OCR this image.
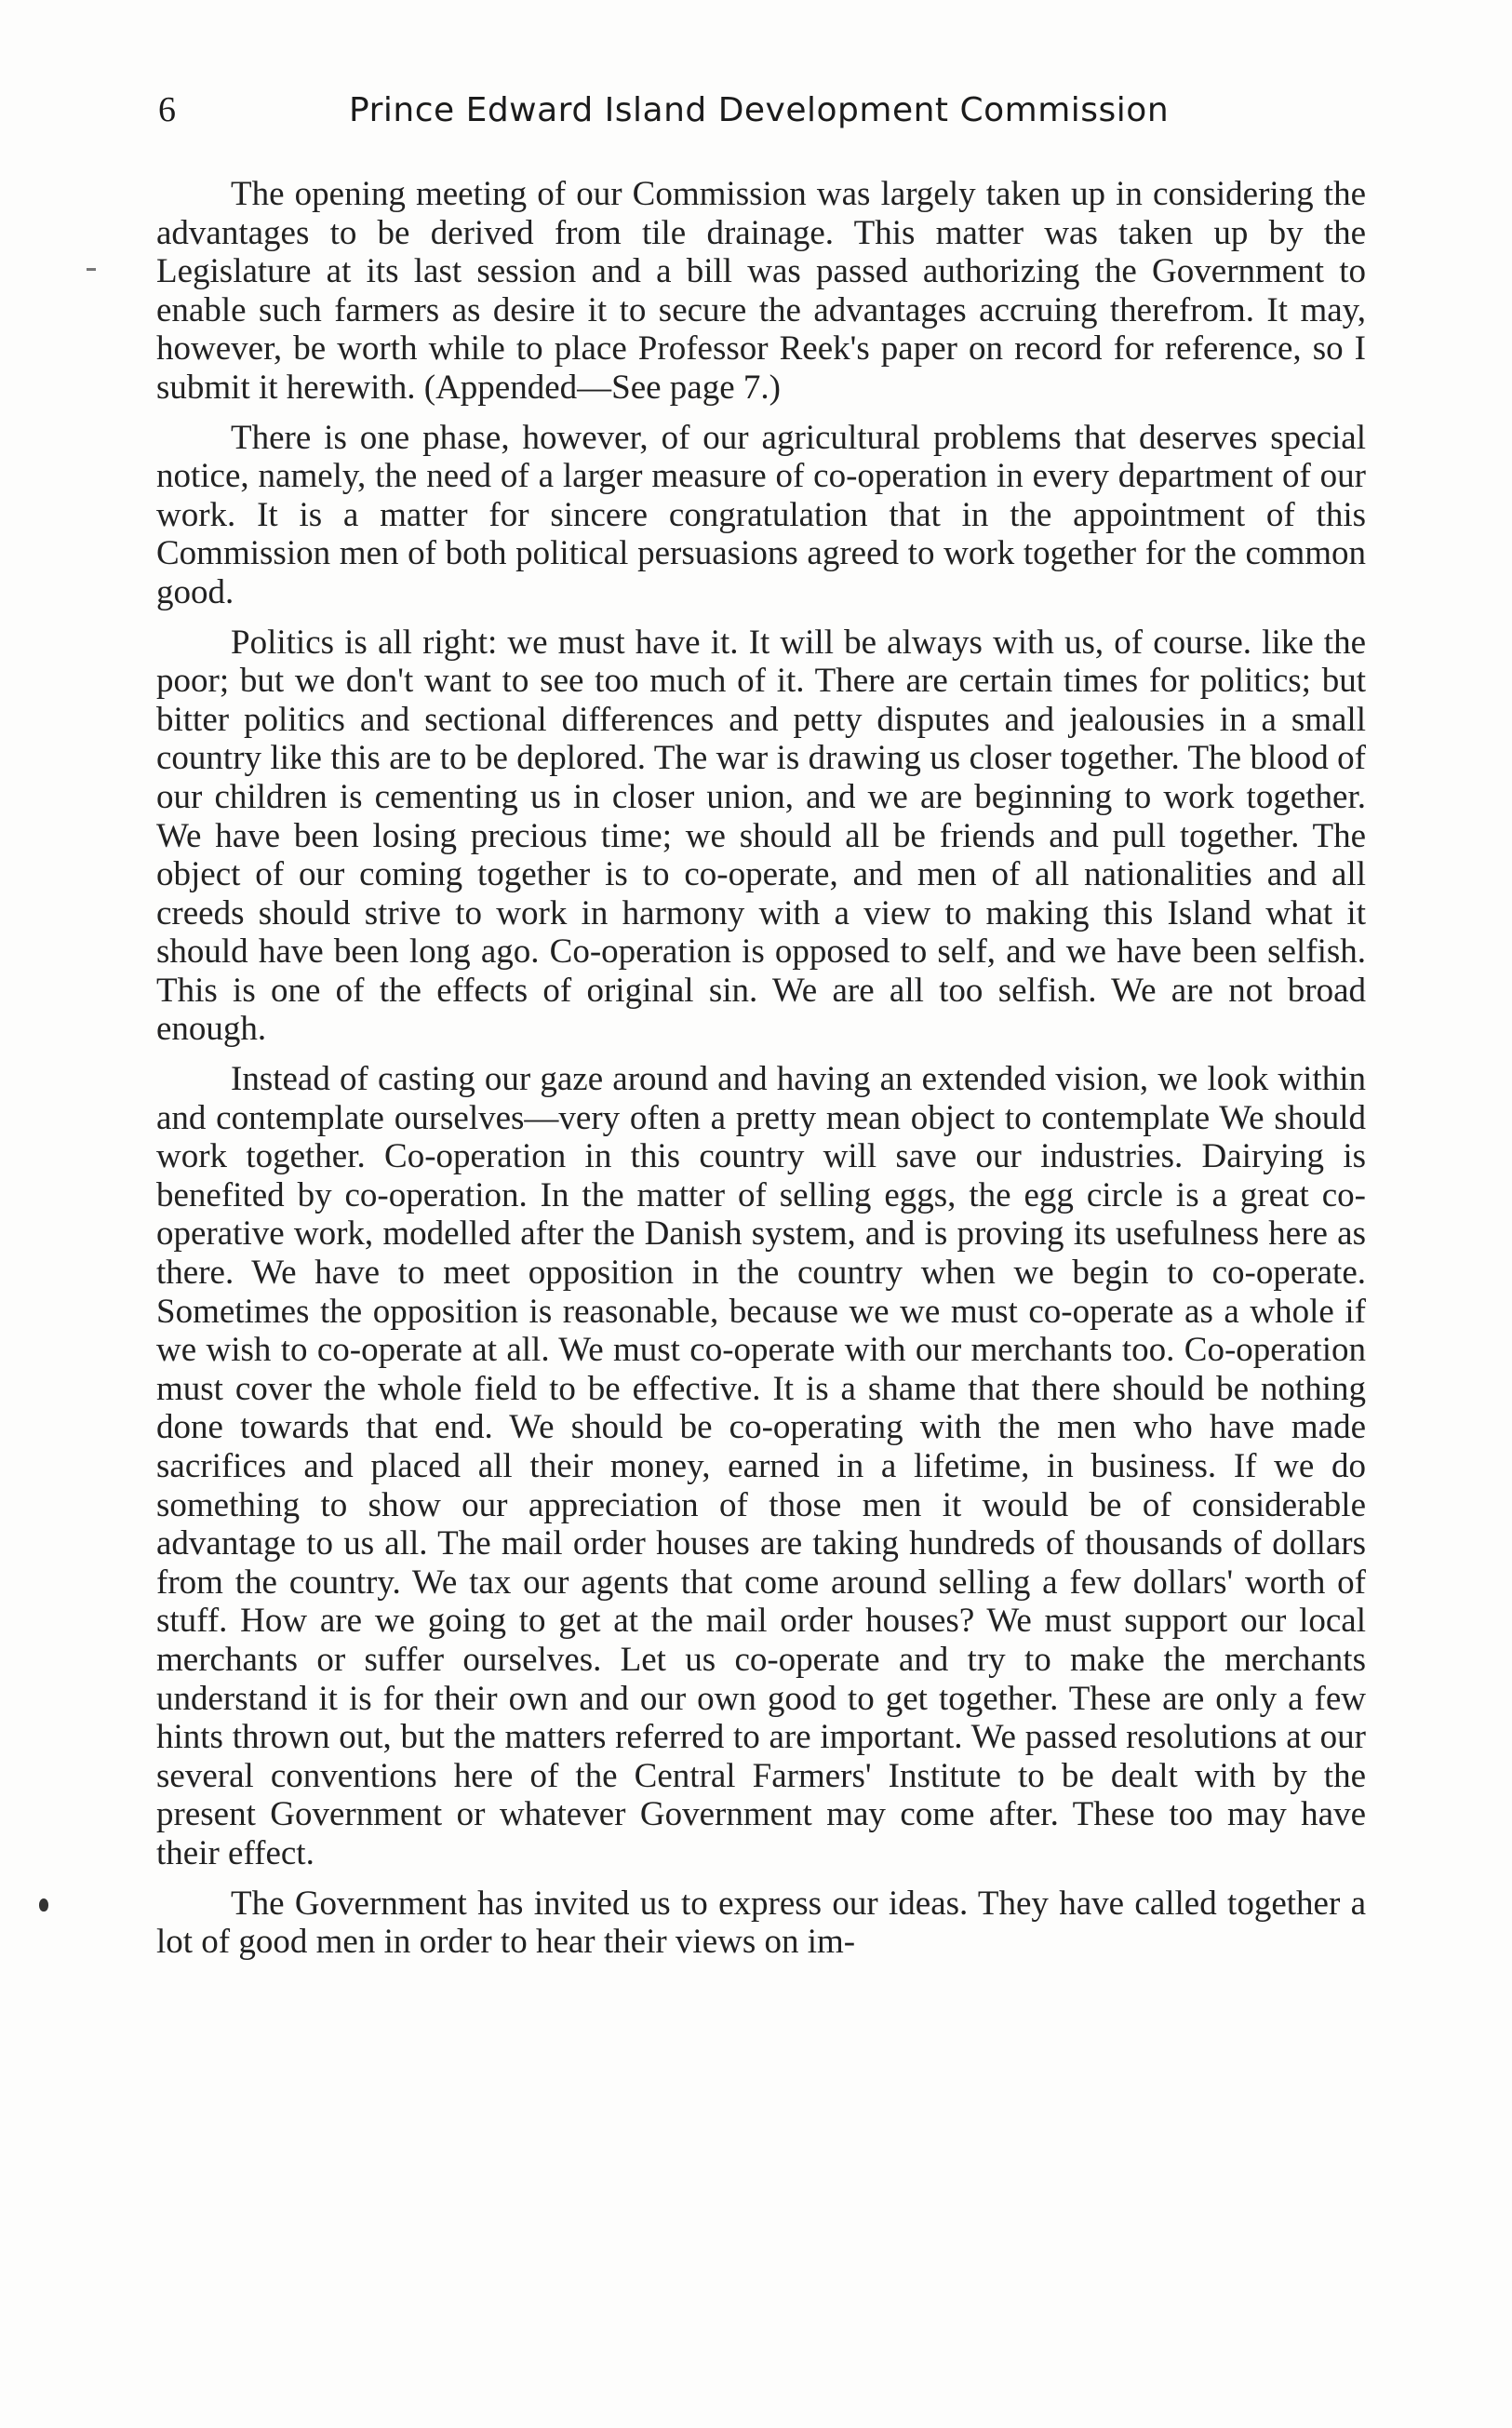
6	Prince Edward Island Development Commission

The opening meeting of our Commission was largely taken up in considering the advantages to be derived from tile drainage. This matter was taken up by the Legislature at its last session and a bill was passed authorizing the Government to enable such farmers as desire it to secure the advantages accruing therefrom. It may, however, be worth while to place Professor Reek's paper on record for reference, so I submit it herewith. (Appended—See page 7.)

There is one phase, however, of our agricultural problems that deserves special notice, namely, the need of a larger measure of co-operation in every department of our work. It is a matter for sincere congratulation that in the appointment of this Commission men of both political persuasions agreed to work together for the common good.

Politics is all right: we must have it. It will be always with us, of course. like the poor; but we don't want to see too much of it. There are certain times for politics; but bitter politics and sectional differences and petty disputes and jealousies in a small country like this are to be deplored. The war is drawing us closer together. The blood of our children is cementing us in closer union, and we are beginning to work together. We have been losing precious time; we should all be friends and pull together. The object of our coming together is to co-operate, and men of all nationalities and all creeds should strive to work in harmony with a view to making this Island what it should have been long ago. Co-operation is opposed to self, and we have been selfish. This is one of the effects of original sin. We are all too selfish. We are not broad enough.

Instead of casting our gaze around and having an extended vision, we look within and contemplate ourselves—very often a pretty mean object to contemplate We should work together. Co-operation in this country will save our industries. Dairying is benefited by co-operation. In the matter of selling eggs, the egg circle is a great co-operative work, modelled after the Danish system, and is proving its usefulness here as there. We have to meet opposition in the country when we begin to co-operate. Sometimes the opposition is reasonable, because we we must co-operate as a whole if we wish to co-operate at all. We must co-operate with our merchants too. Co-operation must cover the whole field to be effective. It is a shame that there should be nothing done towards that end. We should be co-operating with the men who have made sacrifices and placed all their money, earned in a lifetime, in business. If we do something to show our appreciation of those men it would be of considerable advantage to us all. The mail order houses are taking hundreds of thousands of dollars from the country. We tax our agents that come around selling a few dollars' worth of stuff. How are we going to get at the mail order houses? We must support our local merchants or suffer ourselves. Let us co-operate and try to make the merchants understand it is for their own and our own good to get together. These are only a few hints thrown out, but the matters referred to are important. We passed resolutions at our several conventions here of the Central Farmers' Institute to be dealt with by the present Government or whatever Government may come after. These too may have their effect.

The Government has invited us to express our ideas. They have called together a lot of good men in order to hear their views on im-
